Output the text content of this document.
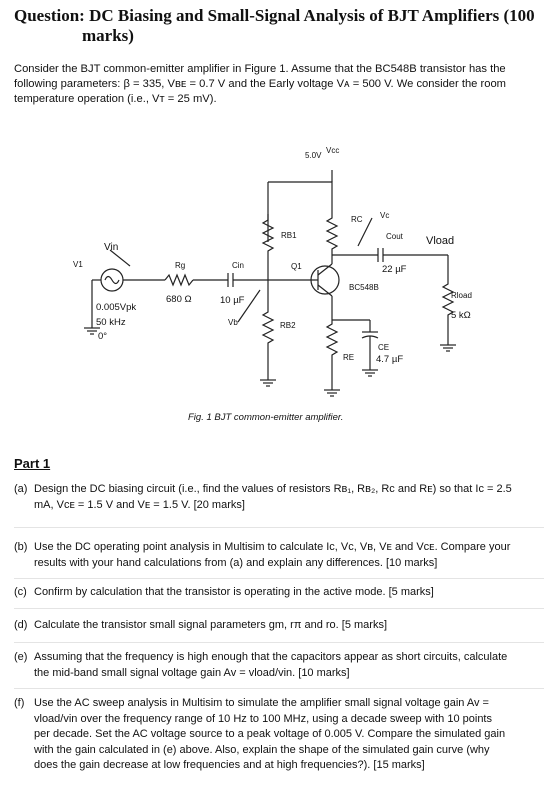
Question: DC Biasing and Small-Signal Analysis of BJT Amplifiers (100
marks)
Consider the BJT common-emitter amplifier in Figure 1. Assume that the BC548B transistor has the
following parameters: β = 335, Vʙᴇ = 0.7 V and the Early voltage Vᴀ = 500 V. We consider the room
temperature operation (i.e., Vᴛ = 25 mV).
5.0V
Vcc
RC Vc
RB1	Cout
22 µF
Vload
Vin
V1	Rg
680 Ω
Cin
10 µF
Q1
BC548B
Rload
5 kΩ
0.005Vpk
50 kHz
0°
Vb	RB2
RE
CE
4.7 µF
Fig. 1 BJT common-emitter amplifier.
Part 1
(a) Design the DC biasing circuit (i.e., find the values of resistors Rʙ₁, Rʙ₂, Rᴄ and Rᴇ) so that Iᴄ = 2.5
mA, Vᴄᴇ = 1.5 V and Vᴇ = 1.5 V. [20 marks]
(b) Use the DC operating point analysis in Multisim to calculate Iᴄ, Vᴄ, Vʙ, Vᴇ and Vᴄᴇ. Compare your
results with your hand calculations from (a) and explain any differences. [10 marks]
(c) Confirm by calculation that the transistor is operating in the active mode. [5 marks]
(d) Calculate the transistor small signal parameters gm, rπ and ro. [5 marks]
(e) Assuming that the frequency is high enough that the capacitors appear as short circuits, calculate
the mid-band small signal voltage gain Av = vload/vin. [10 marks]
(f) Use the AC sweep analysis in Multisim to simulate the amplifier small signal voltage gain Av =
vload/vin over the frequency range of 10 Hz to 100 MHz, using a decade sweep with 10 points
per decade. Set the AC voltage source to a peak voltage of 0.005 V. Compare the simulated gain
with the gain calculated in (e) above. Also, explain the shape of the simulated gain curve (why
does the gain decrease at low frequencies and at high frequencies?). [15 marks]
